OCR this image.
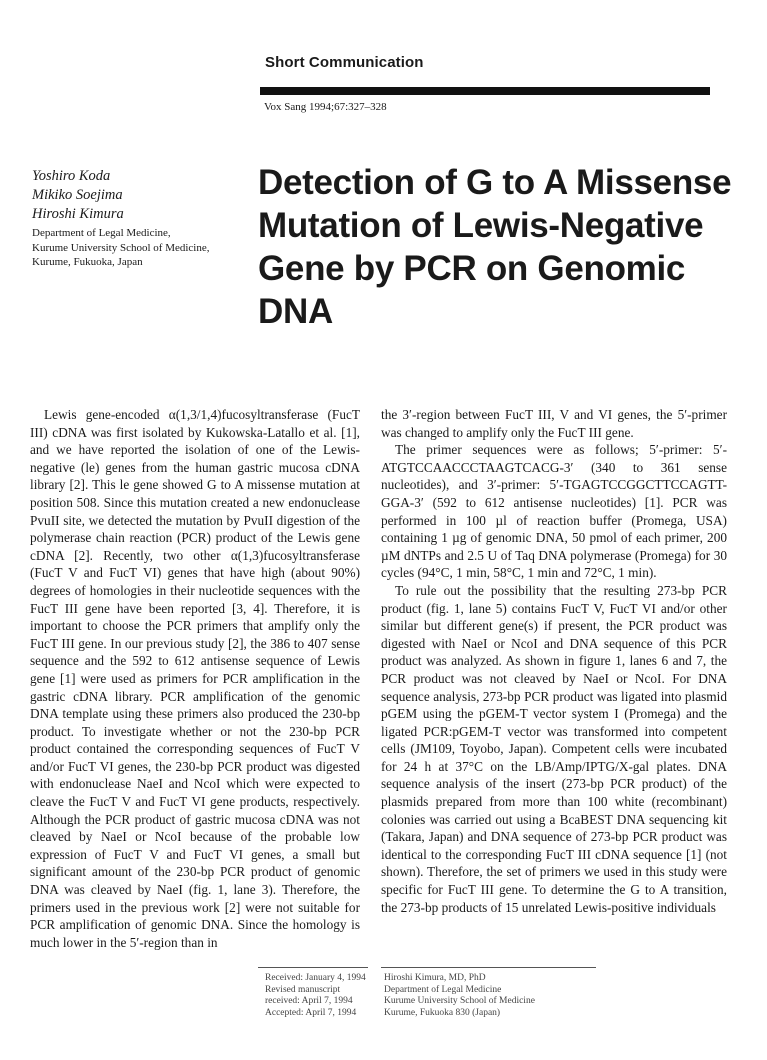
Short Communication
Vox Sang 1994;67:327–328
Yoshiro Koda
Mikiko Soejima
Hiroshi Kimura
Department of Legal Medicine,
Kurume University School of Medicine,
Kurume, Fukuoka, Japan
Detection of G to A Missense
Mutation of Lewis-Negative
Gene by PCR on Genomic DNA

Lewis gene-encoded α(1,3/1,4)fucosyltransferase (FucT III) cDNA was first isolated by Kukowska-Latallo et al. [1], and we have reported the isolation of one of the Lewis-negative (le) genes from the human gastric mucosa cDNA library [2]. This le gene showed G to A missense mutation at position 508. Since this mutation created a new endonuclease PvuII site, we detected the mutation by PvuII digestion of the polymerase chain reaction (PCR) product of the Lewis gene cDNA [2]. Recently, two other α(1,3)fucosyltransferase (FucT V and FucT VI) genes that have high (about 90%) degrees of homologies in their nucleotide sequences with the FucT III gene have been reported [3, 4]. Therefore, it is important to choose the PCR primers that amplify only the FucT III gene. In our previous study [2], the 386 to 407 sense sequence and the 592 to 612 antisense sequence of Lewis gene [1] were used as primers for PCR amplification in the gastric cDNA library. PCR amplification of the genomic DNA template using these primers also produced the 230-bp product. To investigate whether or not the 230-bp PCR product contained the corresponding sequences of FucT V and/or FucT VI genes, the 230-bp PCR product was digested with endonuclease NaeI and NcoI which were expected to cleave the FucT V and FucT VI gene products, respectively. Although the PCR product of gastric mucosa cDNA was not cleaved by NaeI or NcoI because of the probable low expression of FucT V and FucT VI genes, a small but significant amount of the 230-bp PCR product of genomic DNA was cleaved by NaeI (fig. 1, lane 3). Therefore, the primers used in the previous work [2] were not suitable for PCR amplification of genomic DNA. Since the homology is much lower in the 5′-region than in

the 3′-region between FucT III, V and VI genes, the 5′-primer was changed to amplify only the FucT III gene.

The primer sequences were as follows; 5′-primer: 5′-ATGTCCAACCCTAAGTCACG-3′ (340 to 361 sense nucleotides), and 3′-primer: 5′-TGAGTCCGGCTTCCAGTT-GGA-3′ (592 to 612 antisense nucleotides) [1]. PCR was performed in 100 µl of reaction buffer (Promega, USA) containing 1 µg of genomic DNA, 50 pmol of each primer, 200 µM dNTPs and 2.5 U of Taq DNA polymerase (Promega) for 30 cycles (94°C, 1 min, 58°C, 1 min and 72°C, 1 min).

To rule out the possibility that the resulting 273-bp PCR product (fig. 1, lane 5) contains FucT V, FucT VI and/or other similar but different gene(s) if present, the PCR product was digested with NaeI or NcoI and DNA sequence of this PCR product was analyzed. As shown in figure 1, lanes 6 and 7, the PCR product was not cleaved by NaeI or NcoI. For DNA sequence analysis, 273-bp PCR product was ligated into plasmid pGEM using the pGEM-T vector system I (Promega) and the ligated PCR:pGEM-T vector was transformed into competent cells (JM109, Toyobo, Japan). Competent cells were incubated for 24 h at 37°C on the LB/Amp/IPTG/X-gal plates. DNA sequence analysis of the insert (273-bp PCR product) of the plasmids prepared from more than 100 white (recombinant) colonies was carried out using a BcaBEST DNA sequencing kit (Takara, Japan) and DNA sequence of 273-bp PCR product was identical to the corresponding FucT III cDNA sequence [1] (not shown). Therefore, the set of primers we used in this study were specific for FucT III gene. To determine the G to A transition, the 273-bp products of 15 unrelated Lewis-positive individuals

Received: January 4, 1994
Revised manuscript
received: April 7, 1994
Accepted: April 7, 1994
Hiroshi Kimura, MD, PhD
Department of Legal Medicine
Kurume University School of Medicine
Kurume, Fukuoka 830 (Japan)
